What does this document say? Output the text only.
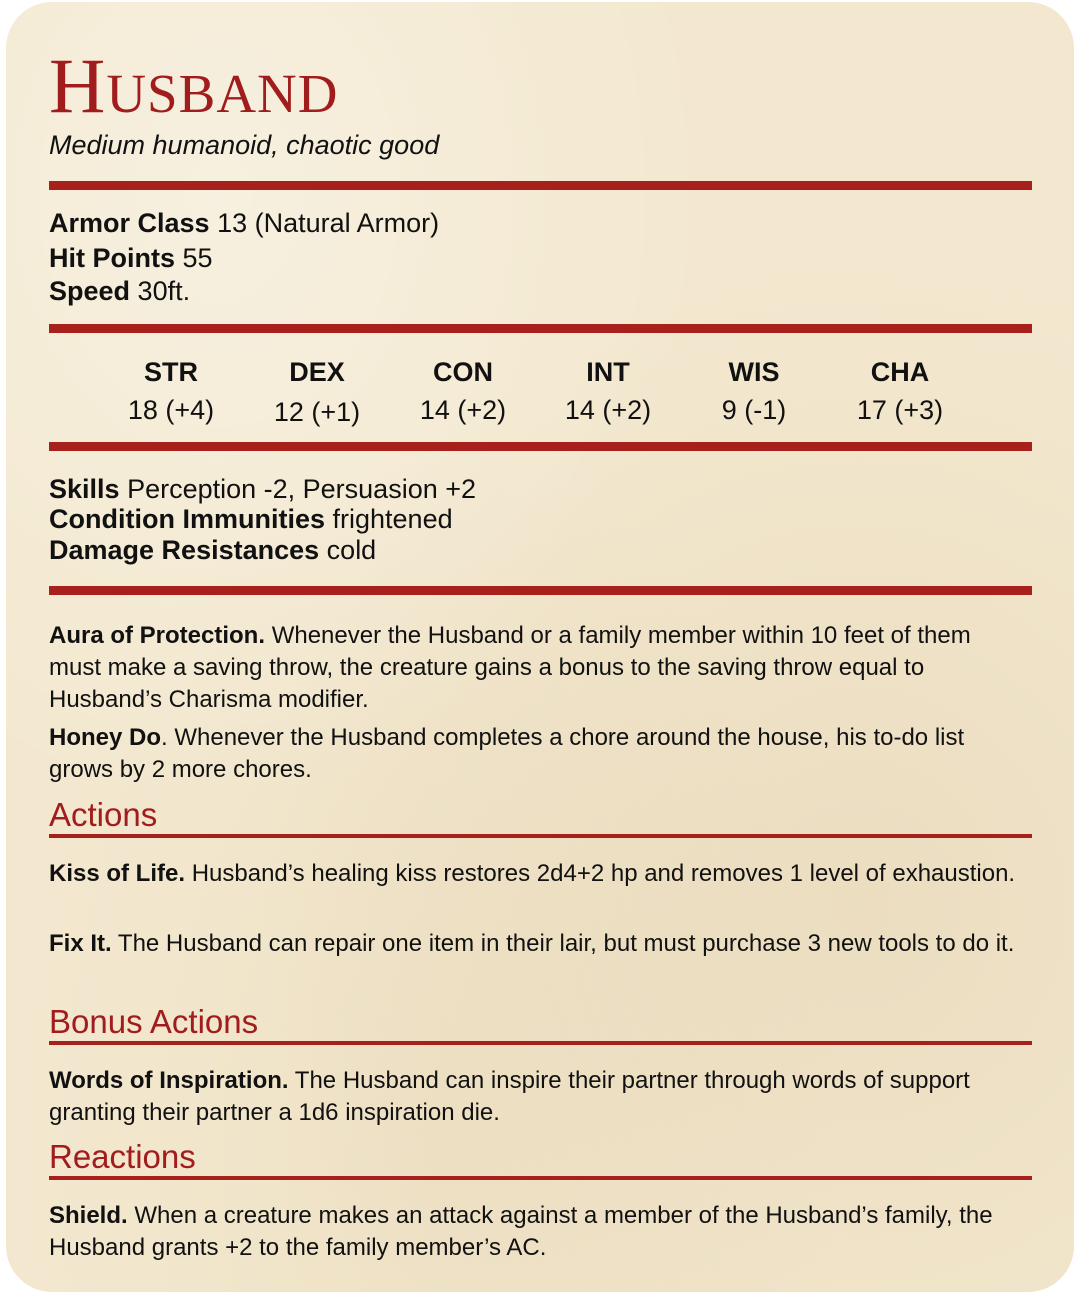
Husband
Medium humanoid, chaotic good
Armor Class 13 (Natural Armor)
Hit Points 55
Speed 30ft.
STR
18 (+4)
DEX
12 (+1)
CON
14 (+2)
INT
14 (+2)
WIS
9 (-1)
CHA
17 (+3)
Skills Perception -2, Persuasion +2
Condition Immunities frightened
Damage Resistances cold
Aura of Protection. Whenever the Husband or a family member within 10 feet of them must make a saving throw, the creature gains a bonus to the saving throw equal to Husband’s Charisma modifier.
Honey Do. Whenever the Husband completes a chore around the house, his to-do list grows by 2 more chores.
Actions
Kiss of Life. Husband’s healing kiss restores 2d4+2 hp and removes 1 level of exhaustion.
Fix It. The Husband can repair one item in their lair, but must purchase 3 new tools to do it.
Bonus Actions
Words of Inspiration. The Husband can inspire their partner through words of support granting their partner a 1d6 inspiration die.
Reactions
Shield. When a creature makes an attack against a member of the Husband’s family, the Husband grants +2 to the family member’s AC.
